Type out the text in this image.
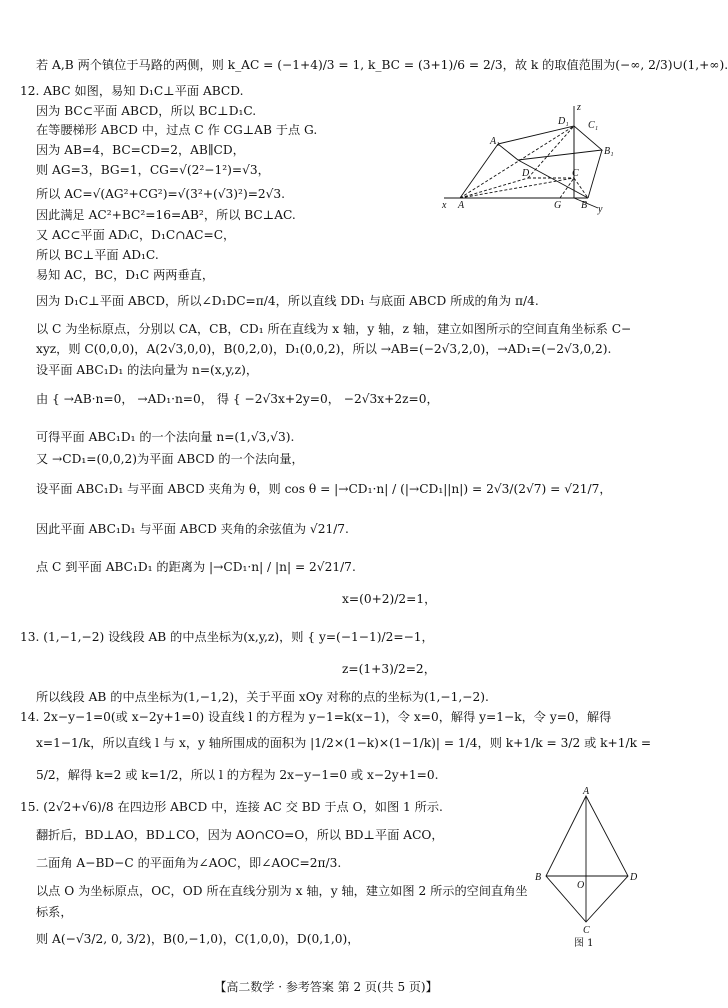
若 A,B 两个镇位于马路的两侧，则 k_AC = (−1+4)/3 = 1, k_BC = (3+1)/6 = 2/3，故 k 的取值范围为(−∞, 2/3)∪(1,+∞).
12. ABC 如图，易知 D₁C⊥平面 ABCD.
因为 BC⊂平面 ABCD，所以 BC⊥D₁C.
在等腰梯形 ABCD 中，过点 C 作 CG⊥AB 于点 G.
因为 AB=4，BC=CD=2，AB∥CD，
则 AG=3，BG=1，CG=√(2²−1²)=√3，
所以 AC=√(AG²+CG²)=√(3²+(√3)²)=2√3.
因此满足 AC²+BC²=16=AB²，所以 BC⊥AC.
又 AC⊂平面 ADᵢC，D₁C∩AC=C，
所以 BC⊥平面 AD₁C.
易知 AC，BC，D₁C 两两垂直，
因为 D₁C⊥平面 ABCD，所以∠D₁DC=π/4，所以直线 DD₁ 与底面 ABCD 所成的角为 π/4.
以 C 为坐标原点，分别以 CA，CB，CD₁ 所在直线为 x 轴，y 轴，z 轴，建立如图所示的空间直角坐标系 C−
xyz，则 C(0,0,0)，A(2√3,0,0)，B(0,2,0)，D₁(0,0,2)，所以 →AB=(−2√3,2,0)，→AD₁=(−2√3,0,2).
设平面 ABC₁D₁ 的法向量为 n=(x,y,z)，
由 { →AB·n=0， →AD₁·n=0， 得 { −2√3x+2y=0， −2√3x+2z=0，
可得平面 ABC₁D₁ 的一个法向量 n=(1,√3,√3).
又 →CD₁=(0,0,2)为平面 ABCD 的一个法向量，
设平面 ABC₁D₁ 与平面 ABCD 夹角为 θ，则 cos θ = |→CD₁·n| / (|→CD₁||n|) = 2√3/(2√7) = √21/7，
因此平面 ABC₁D₁ 与平面 ABCD 夹角的余弦值为 √21/7.
点 C 到平面 ABC₁D₁ 的距离为 |→CD₁·n| / |n| = 2√21/7.
x=(0+2)/2=1，
13. (1,−1,−2) 设线段 AB 的中点坐标为(x,y,z)，则 { y=(−1−1)/2=−1，
z=(1+3)/2=2，
所以线段 AB 的中点坐标为(1,−1,2)，关于平面 xOy 对称的点的坐标为(1,−1,−2).
14. 2x−y−1=0(或 x−2y+1=0) 设直线 l 的方程为 y−1=k(x−1)，令 x=0，解得 y=1−k，令 y=0，解得
x=1−1/k，所以直线 l 与 x，y 轴所围成的面积为 |1/2×(1−k)×(1−1/k)| = 1/4，则 k+1/k = 3/2 或 k+1/k =
5/2，解得 k=2 或 k=1/2，所以 l 的方程为 2x−y−1=0 或 x−2y+1=0.
15. (2√2+√6)/8 在四边形 ABCD 中，连接 AC 交 BD 于点 O，如图 1 所示.
翻折后，BD⊥AO，BD⊥CO，因为 AO∩CO=O，所以 BD⊥平面 ACO，
二面角 A−BD−C 的平面角为∠AOC，即∠AOC=2π/3.
以点 O 为坐标原点，OC，OD 所在直线分别为 x 轴，y 轴，建立如图 2 所示的空间直角坐
标系，
则 A(−√3/2, 0, 3/2)，B(0,−1,0)，C(1,0,0)，D(0,1,0)，
z
D₁ C₁
A₁
B₁
D	C
x A	G B y
A
B
O
D
C
图 1
【高二数学 · 参考答案 第 2 页(共 5 页)】
